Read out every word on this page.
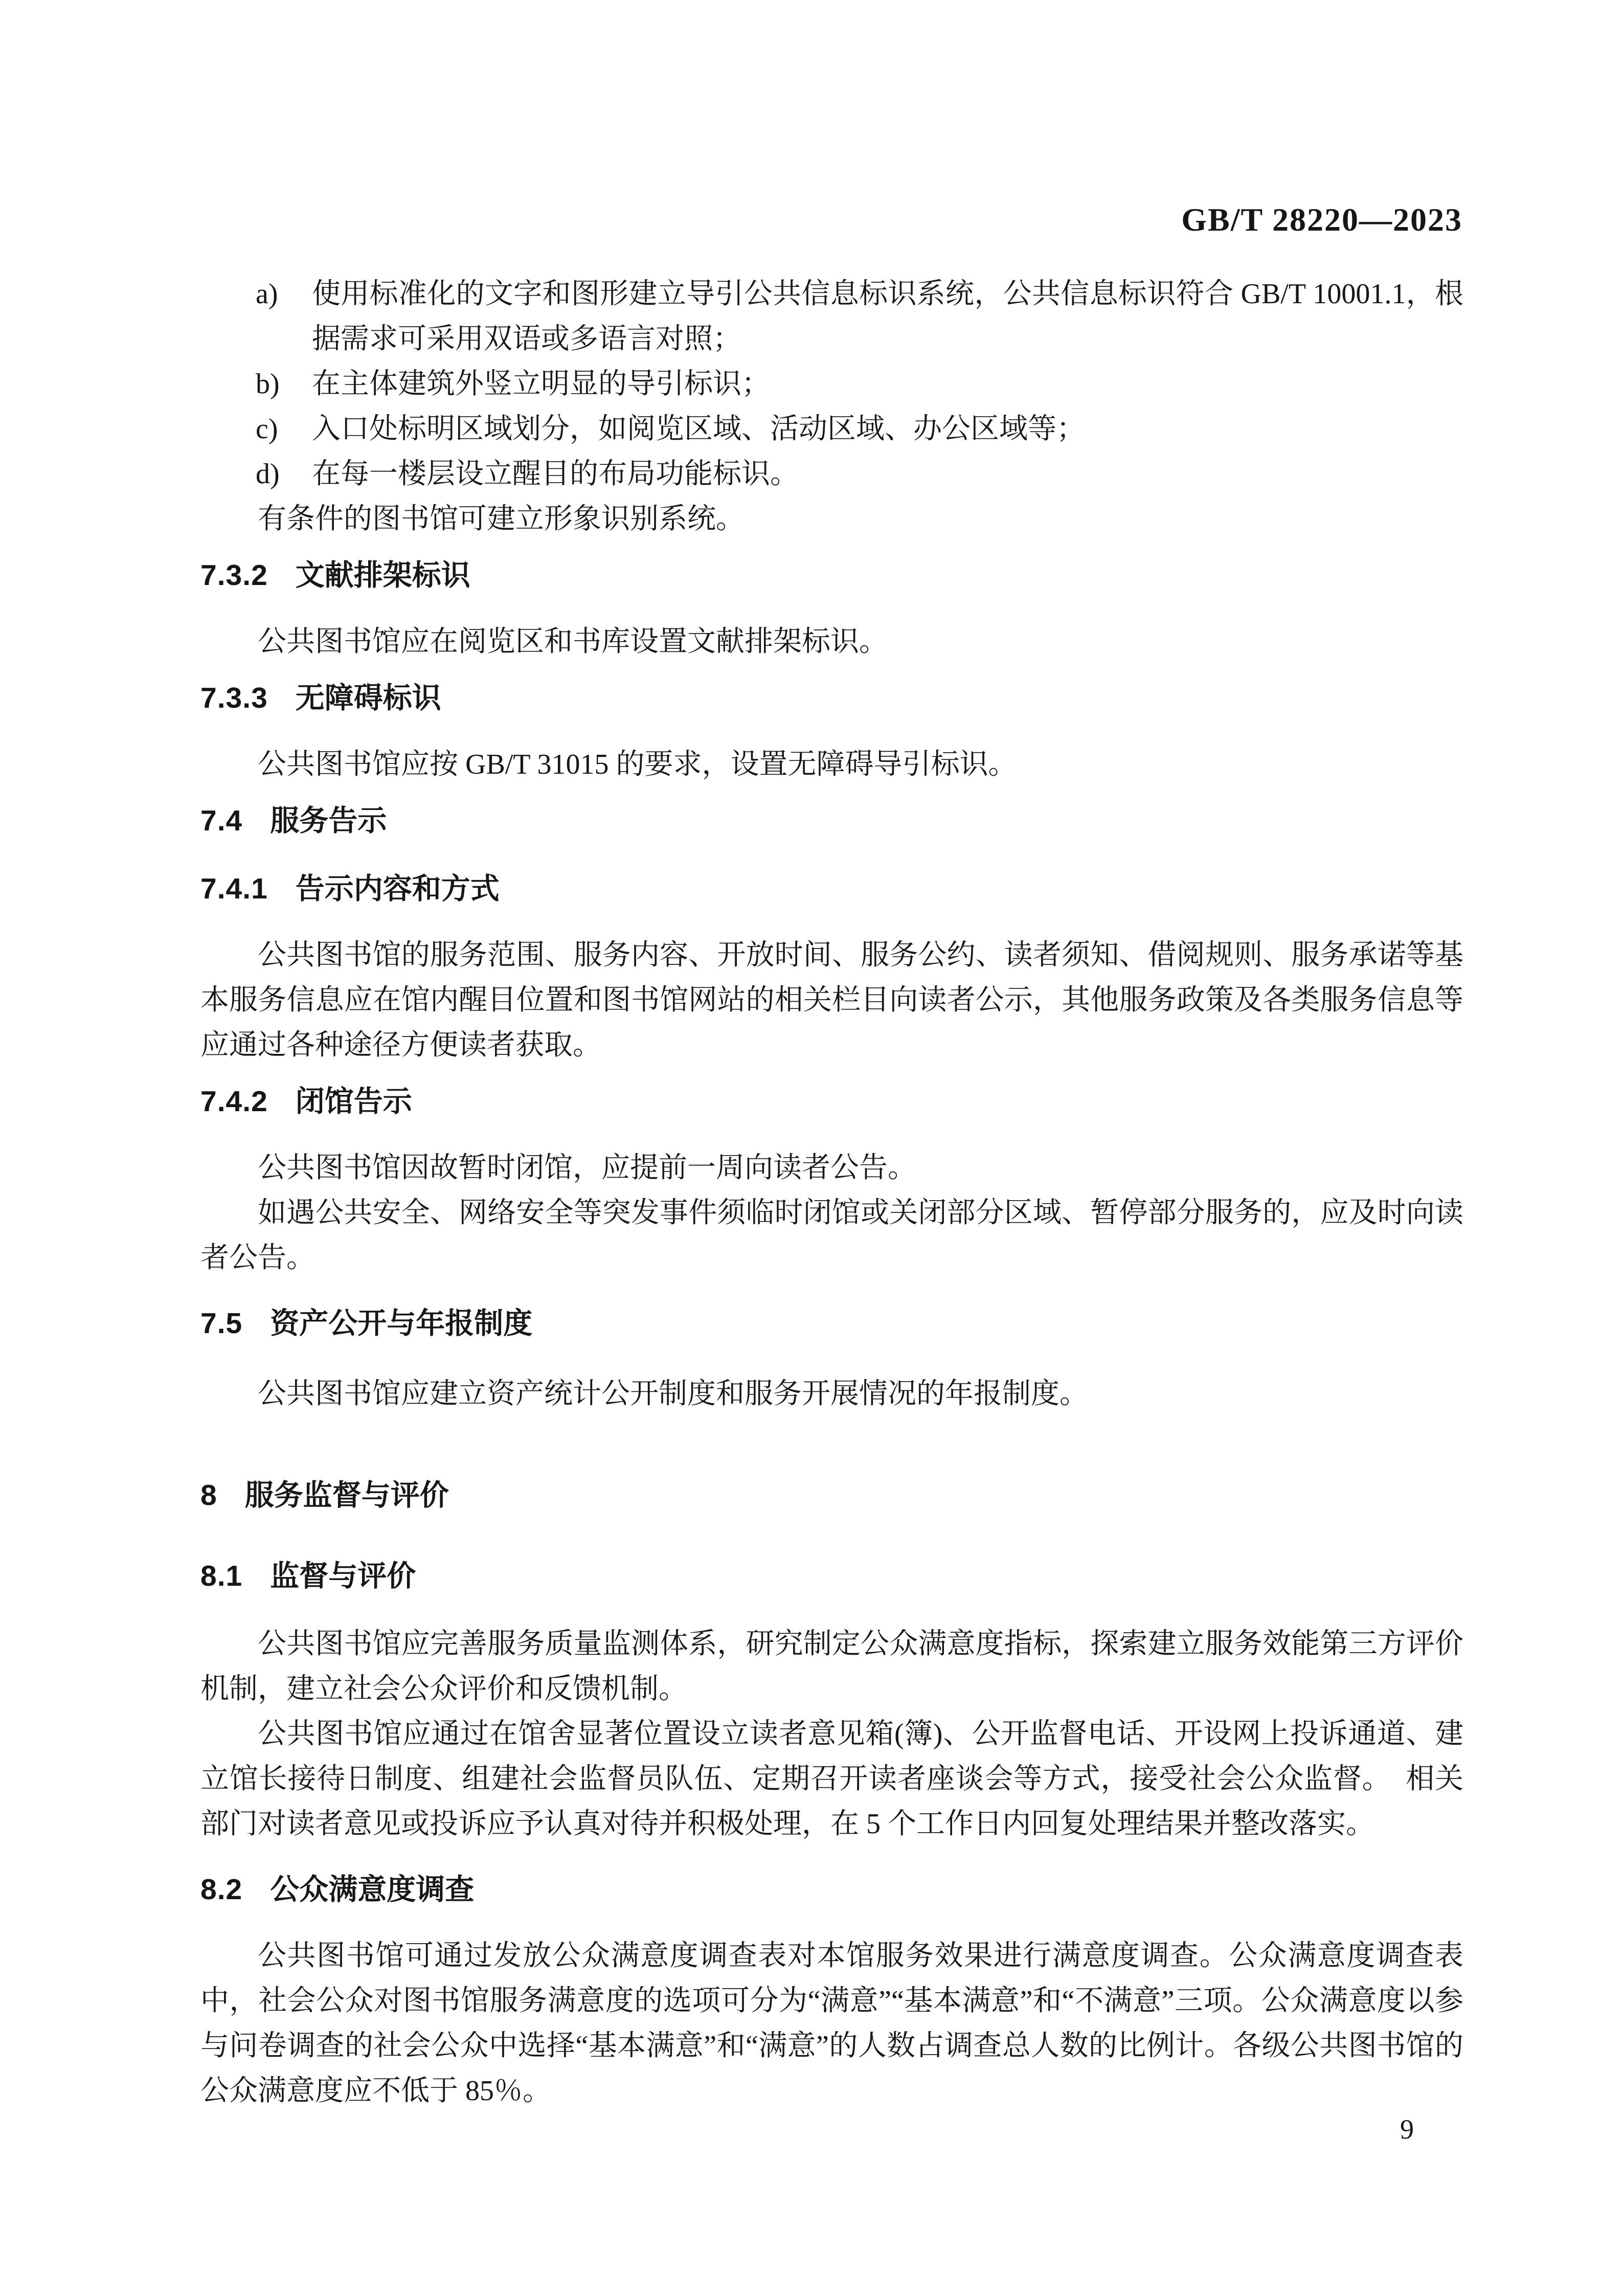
GB/T 28220—2023
a) 使用标准化的文字和图形建立导引公共信息标识系统，公共信息标识符合 GB/T 10001.1，根据需求可采用双语或多语言对照；
b) 在主体建筑外竖立明显的导引标识；
c) 入口处标明区域划分，如阅览区域、活动区域、办公区域等；
d) 在每一楼层设立醒目的布局功能标识。

有条件的图书馆可建立形象识别系统。

7.3.2 文献排架标识

公共图书馆应在阅览区和书库设置文献排架标识。

7.3.3 无障碍标识

公共图书馆应按 GB/T 31015 的要求，设置无障碍导引标识。

7.4 服务告示
7.4.1 告示内容和方式

公共图书馆的服务范围、服务内容、开放时间、服务公约、读者须知、借阅规则、服务承诺等基本服务信息应在馆内醒目位置和图书馆网站的相关栏目向读者公示，其他服务政策及各类服务信息等应通过各种途径方便读者获取。

7.4.2 闭馆告示

公共图书馆因故暂时闭馆，应提前一周向读者公告。

如遇公共安全、网络安全等突发事件须临时闭馆或关闭部分区域、暂停部分服务的，应及时向读者公告。

7.5 资产公开与年报制度

公共图书馆应建立资产统计公开制度和服务开展情况的年报制度。

8 服务监督与评价
8.1 监督与评价

公共图书馆应完善服务质量监测体系，研究制定公众满意度指标，探索建立服务效能第三方评价机制，建立社会公众评价和反馈机制。

公共图书馆应通过在馆舍显著位置设立读者意见箱(簿)、公开监督电话、开设网上投诉通道、建立馆长接待日制度、组建社会监督员队伍、定期召开读者座谈会等方式，接受社会公众监督。　相关部门对读者意见或投诉应予认真对待并积极处理，在 5 个工作日内回复处理结果并整改落实。

8.2 公众满意度调查

公共图书馆可通过发放公众满意度调查表对本馆服务效果进行满意度调查。公众满意度调查表中，社会公众对图书馆服务满意度的选项可分为“满意”“基本满意”和“不满意”三项。公众满意度以参与问卷调查的社会公众中选择“基本满意”和“满意”的人数占调查总人数的比例计。各级公共图书馆的公众满意度应不低于 85％。

9
